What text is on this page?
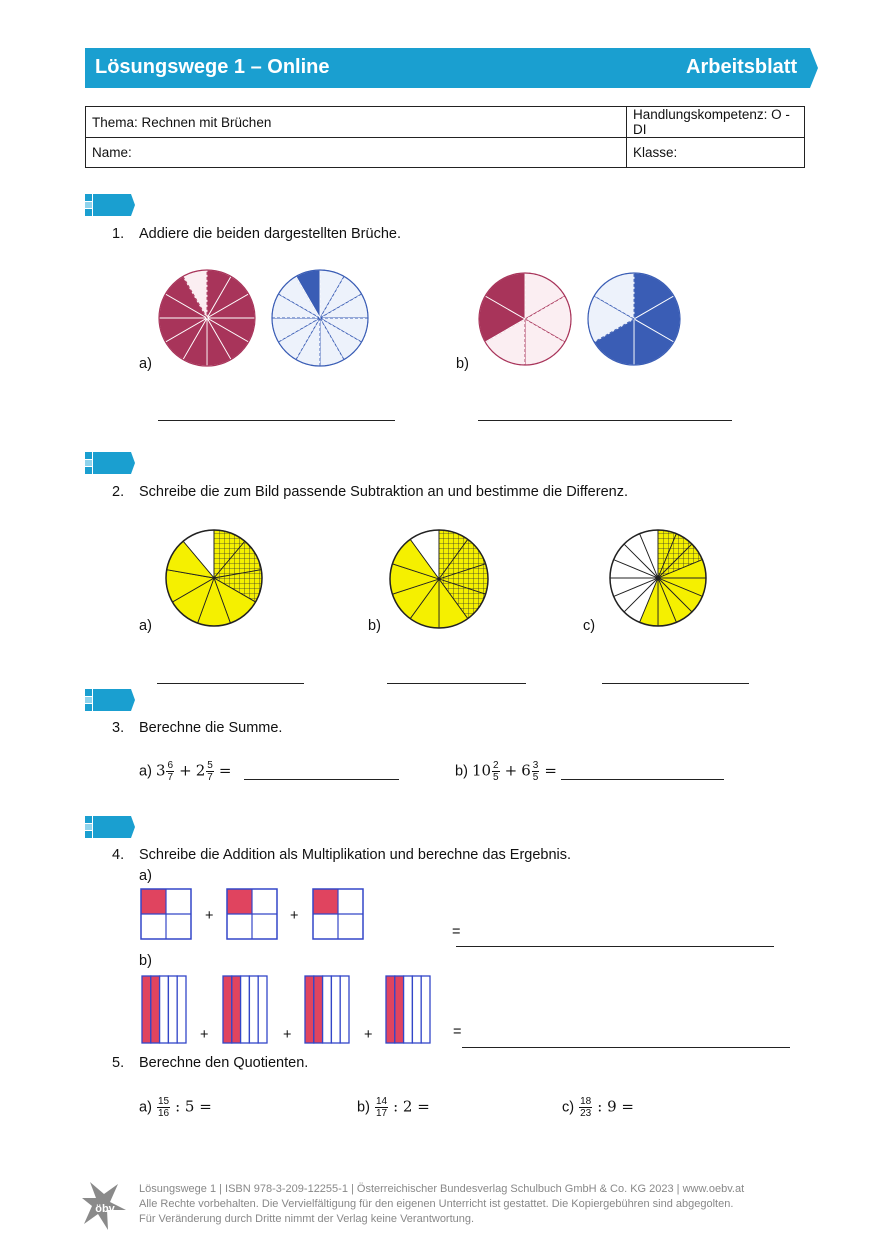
Lösungswege 1 – Online	Arbeitsblatt
Thema: Rechnen mit Brüchen	Handlungskompetenz: O - DI
Name:	Klasse:
1. Addiere die beiden dargestellten Brüche.
a)	b)
2. Schreibe die zum Bild passende Subtraktion an und bestimme die Differenz.
a)	b)	c)
3. Berechne die Summe.
a) $3 \frac{6}{7} + 2 \frac{5}{7}$ =	b) $10 \frac{2}{5} + 6 \frac{3}{5}$ =
4. Schreibe die Addition als Multiplikation und berechne das Ergebnis.
a)
+	+
=
b)
+	+	+	=
5. Berechne den Quotienten.
$a) \frac{15}{16}$ : 5 =	$b) \frac{14}{17}$ : 2 =	$c) \frac{18}{23}$ : 9 =
öbv
Lösungswege 1 | ISBN 978-3-209-12255-1 | Österreichischer Bundesverlag Schulbuch GmbH & Co. KG 2023 | www.oebv.at
Alle Rechte vorbehalten. Die Vervielfältigung für den eigenen Unterricht ist gestattet. Die Kopiergebühren sind abgegolten.
Für Veränderung durch Dritte nimmt der Verlag keine Verantwortung.
